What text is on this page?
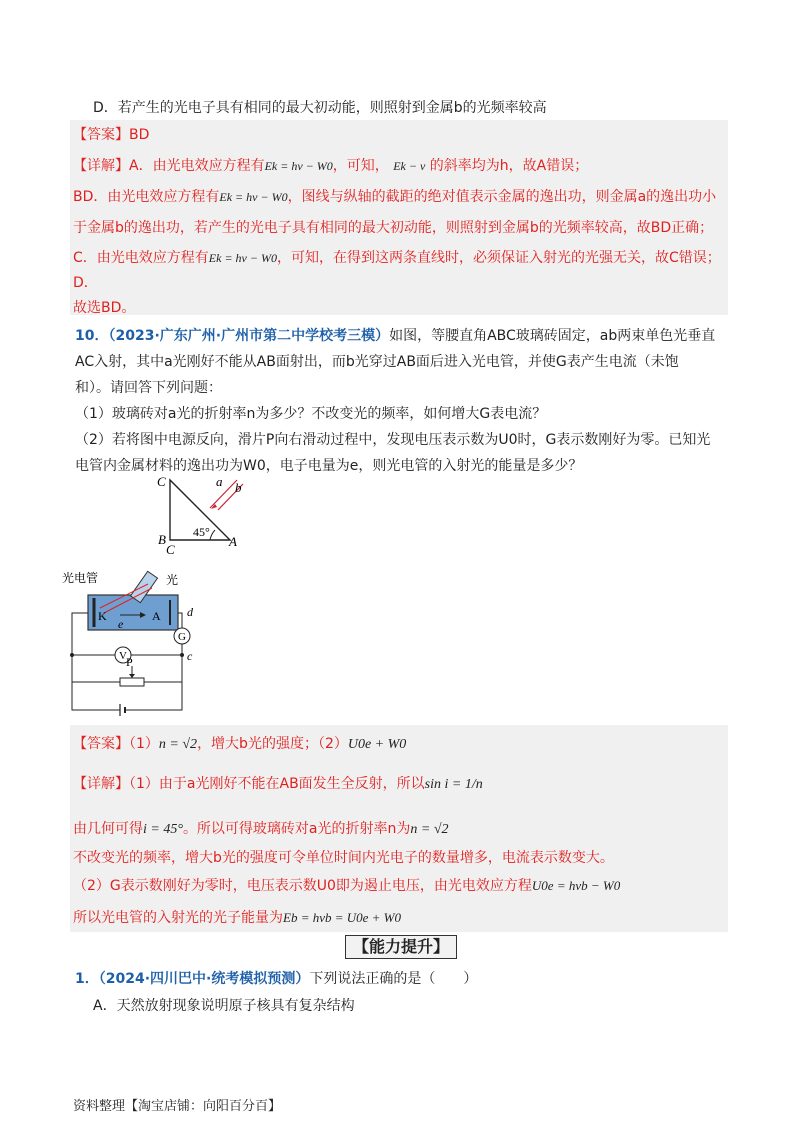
D．若产生的光电子具有相同的最大初动能，则照射到金属b的光频率较高
【答案】BD
【详解】A．由光电效应方程有Ek = hν − W0，可知， Ek − ν 的斜率均为h，故A错误；
BD．由光电效应方程有Ek = hν − W0，图线与纵轴的截距的绝对值表示金属的逸出功，则金属a的逸出功小
于金属b的逸出功，若产生的光电子具有相同的最大初动能，则照射到金属b的光频率较高，故BD正确；
C．由光电效应方程有Ek = hν − W0，可知，在得到这两条直线时，必须保证入射光的光强无关，故C错误；
D．
故选BD。
10．（2023·广东广州·广州市第二中学校考三模）如图，等腰直角ABC玻璃砖固定，ab两束单色光垂直
AC入射，其中a光刚好不能从AB面射出，而b光穿过AB面后进入光电管，并使G表产生电流（未饱
和）。请回答下列问题：
（1）玻璃砖对a光的折射率n为多少？不改变光的频率，如何增大G表电流？
（2）若将图中电源反向，滑片P向右滑动过程中，发现电压表示数为U0时，G表示数刚好为零。已知光
电管内金属材料的逸出功为W0，电子电量为e，则光电管的入射光的能量是多少？
C
B	A
45°
a b
C
光电管	光
K	A
e
G
d
V	c
P
【答案】（1）n = √2，增大b光的强度；（2）U0e + W0
【详解】（1）由于a光刚好不能在AB面发生全反射，所以sin i = 1/n
由几何可得i = 45°。所以可得玻璃砖对a光的折射率n为n = √2
不改变光的频率，增大b光的强度可令单位时间内光电子的数量增多，电流表示数变大。
（2）G表示数刚好为零时，电压表示数U0即为遏止电压，由光电效应方程U0e = hνb − W0
所以光电管的入射光的光子能量为Eb = hνb = U0e + W0
【能力提升】
1．（2024·四川巴中·统考模拟预测）下列说法正确的是（　　）
A．天然放射现象说明原子核具有复杂结构
资料整理【淘宝店铺：向阳百分百】
